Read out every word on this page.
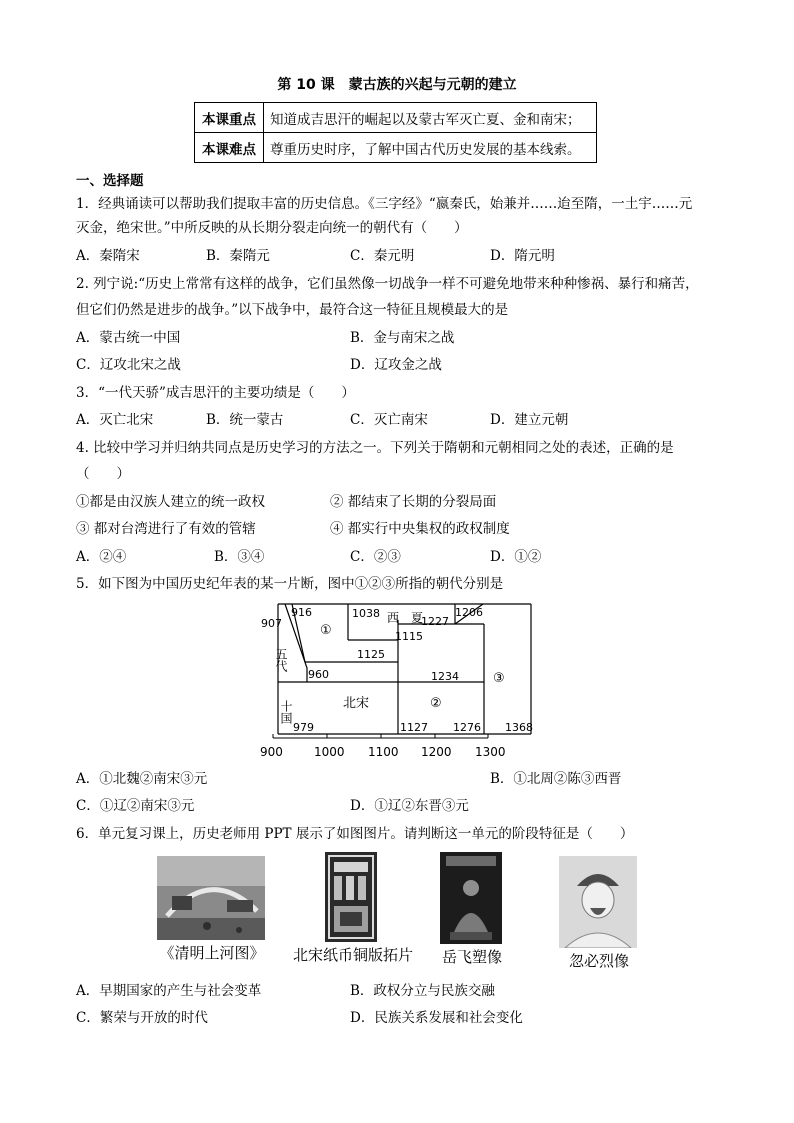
第 10 课　蒙古族的兴起与元朝的建立
本课重点	知道成吉思汗的崛起以及蒙古军灭亡夏、金和南宋；
本课难点	尊重历史时序，了解中国古代历史发展的基本线索。
一、选择题
1．经典诵读可以帮助我们提取丰富的历史信息。《三字经》“嬴秦氏，始兼并……迨至隋，一土宇……元
灭金，绝宋世。”中所反映的从长期分裂走向统一的朝代有（　　）
A．秦隋宋	B．秦隋元	C．秦元明	D．隋元明
2. 列宁说:“历史上常常有这样的战争，它们虽然像一切战争一样不可避免地带来种种惨祸、暴行和痛苦，
但它们仍然是进步的战争。”以下战争中，最符合这一特征且规模最大的是
A．蒙古统一中国	B．金与南宋之战
C．辽攻北宋之战	D．辽攻金之战
3．“一代天骄”成吉思汗的主要功绩是（　　）
A．灭亡北宋	B．统一蒙古	C．灭亡南宋	D．建立元朝
4. 比较中学习并归纳共同点是历史学习的方法之一。下列关于隋朝和元朝相同之处的表述，正确的是
（　　）
①都是由汉族人建立的统一政权	② 都结束了长期的分裂局面
③ 都对台湾进行了有效的管辖	④ 都实行中央集权的政权制度
A．②④	B．③④	C．②③	D．①②
5．如下图为中国历史纪年表的某一片断，图中①②③所指的朝代分别是
①
五代
十国	北宋
西　夏
②
③
907
916	1038
1227
1206
1115
1125
960	1234
979	1127 1276 1368
900	1000 1100 1200 1300
A．①北魏②南宋③元	B．①北周②陈③西晋
C．①辽②南宋③元	D．①辽②东晋③元
6．单元复习课上，历史老师用 PPT 展示了如图图片。请判断这一单元的阶段特征是（　　）
《清明上河图》	北宋纸币铜版拓片	岳飞塑像	忽必烈像
A．早期国家的产生与社会变革	B．政权分立与民族交融
C．繁荣与开放的时代	D．民族关系发展和社会变化
